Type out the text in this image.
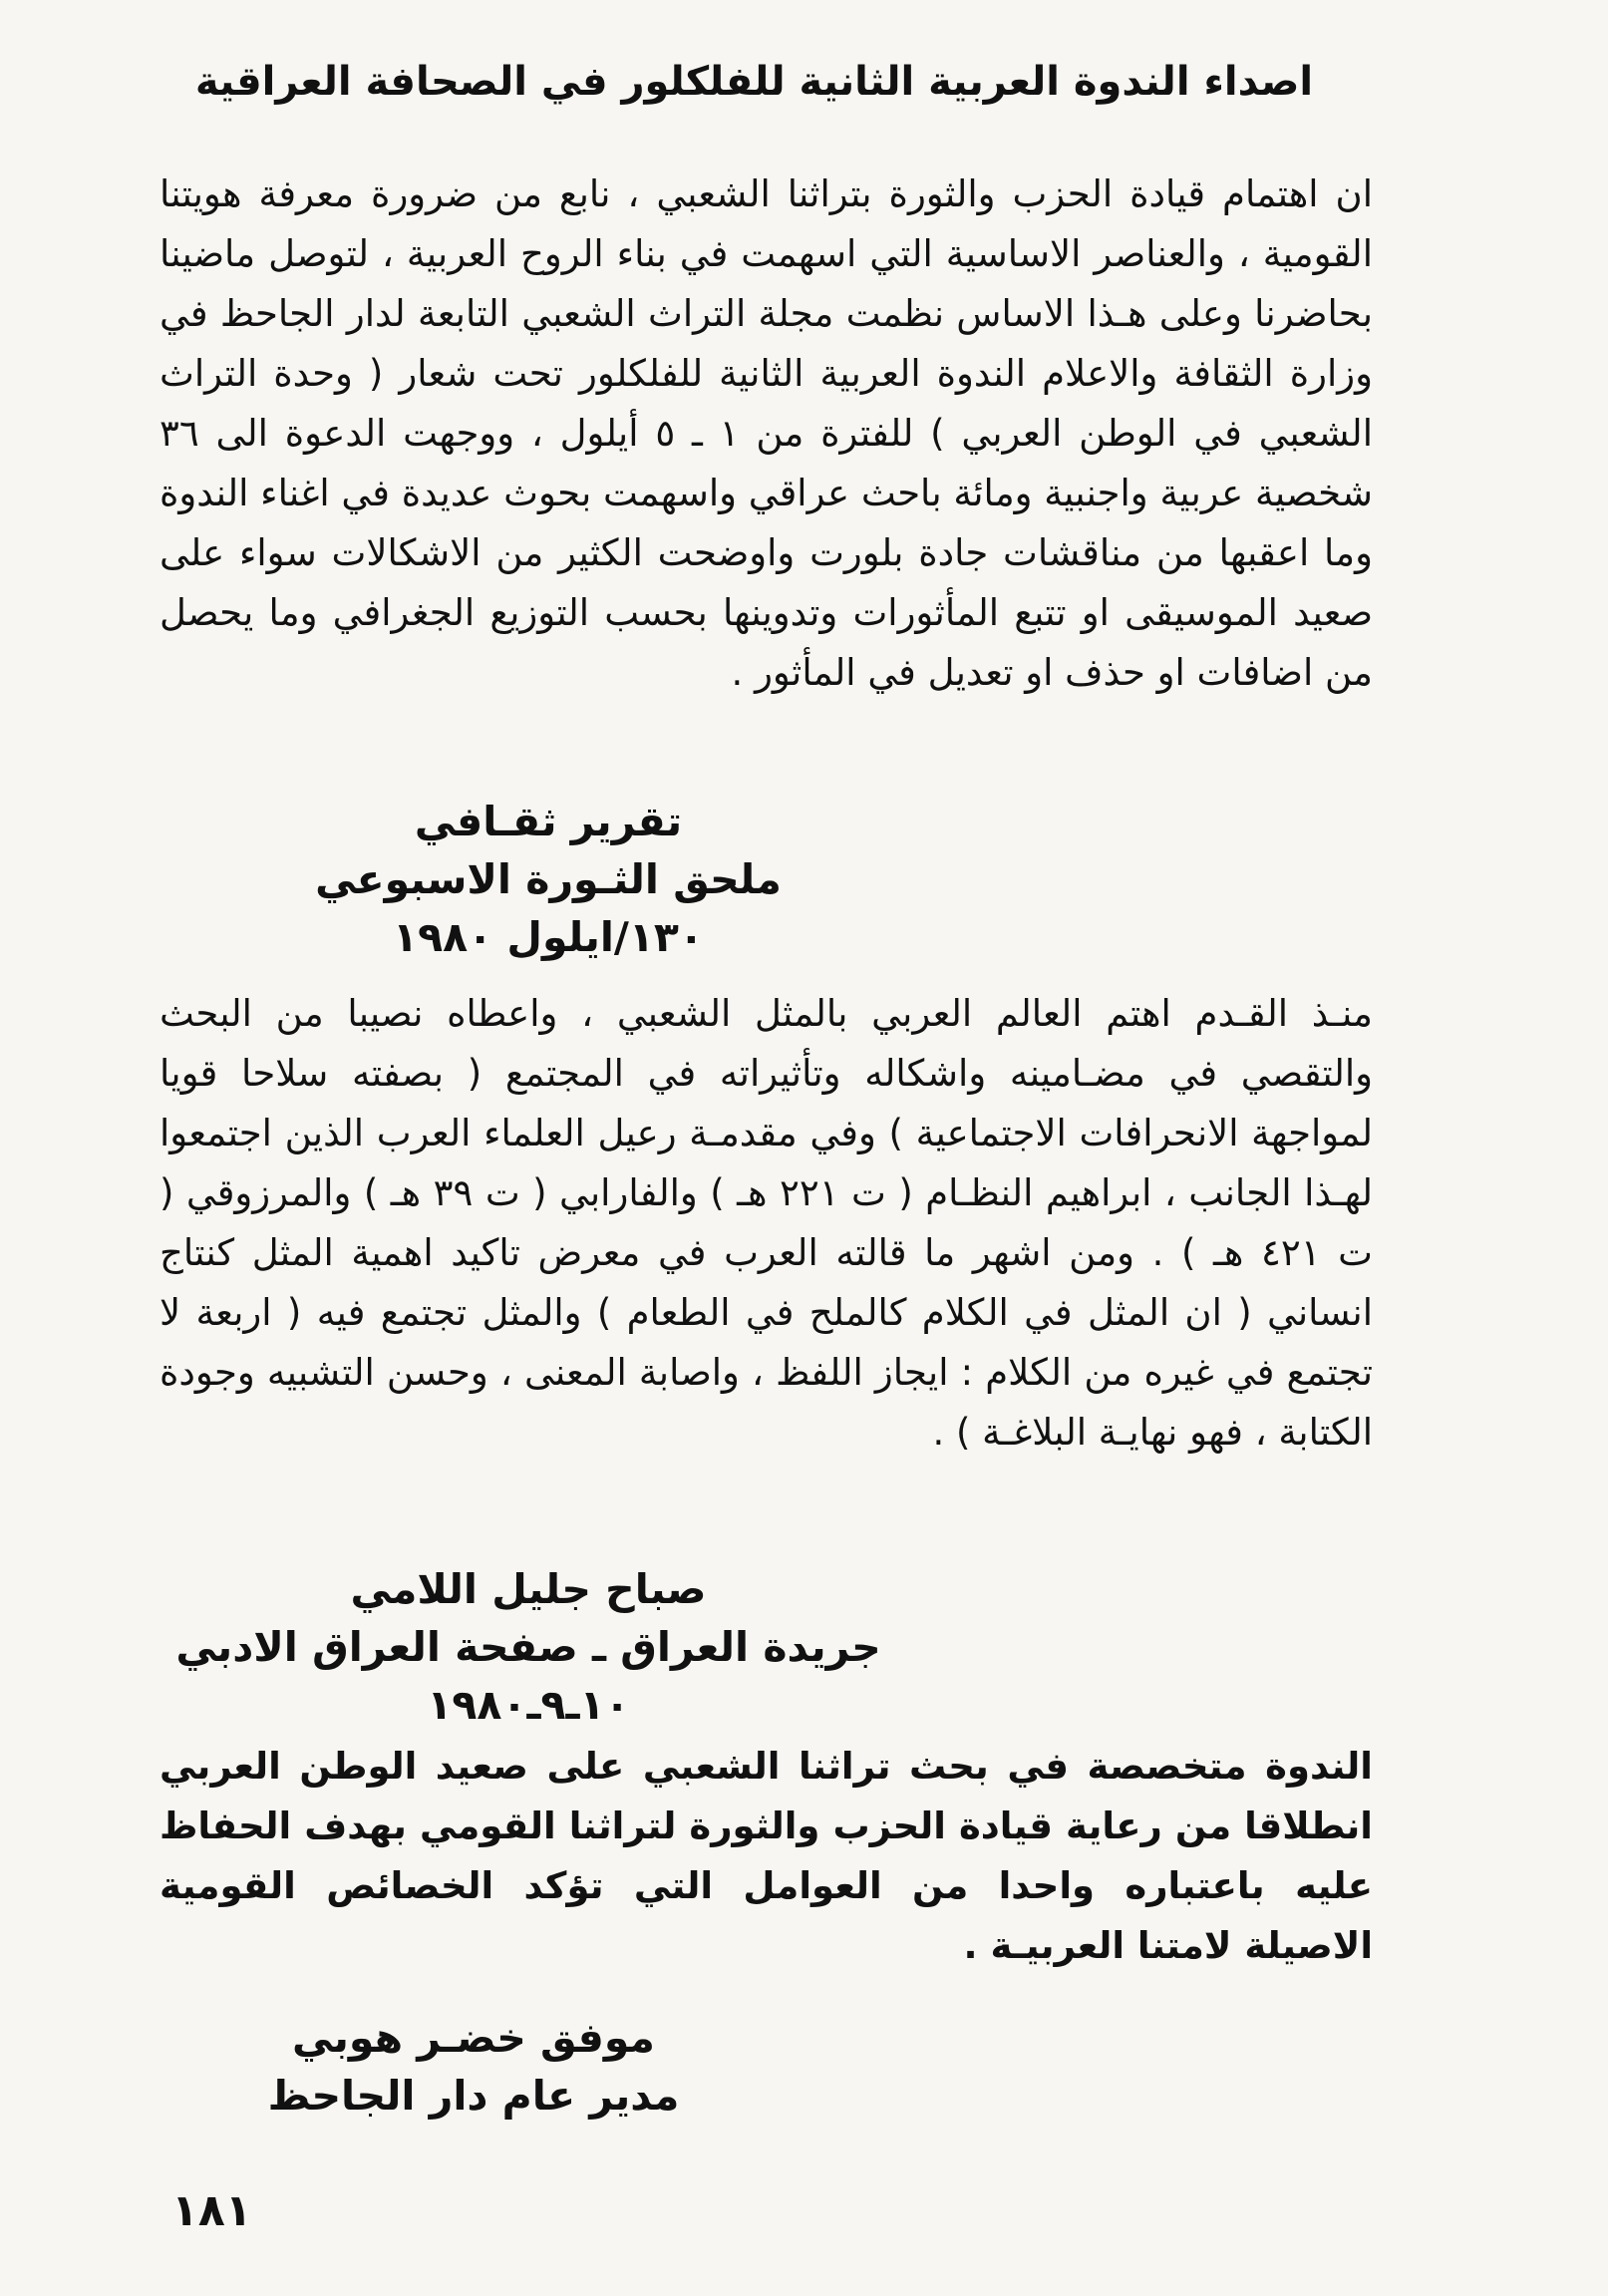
اصداء الندوة العربية الثانية للفلكلور في الصحافة العراقية

ان اهتمام قيادة الحزب والثورة بتراثنا الشعبي ، نابع من ضرورة معرفة هويتنا القومية ، والعناصر الاساسية التي اسهمت في بناء الروح العربية ، لتوصل ماضينا بحاضرنا وعلى هـذا الاساس نظمت مجلة التراث الشعبي التابعة لدار الجاحظ في وزارة الثقافة والاعلام الندوة العربية الثانية للفلكلور تحت شعار ( وحدة التراث الشعبي في الوطن العربي ) للفترة من ١ ـ ٥ أيلول ، ووجهت الدعوة الى ٣٦ شخصية عربية واجنبية ومائة باحث عراقي واسهمت بحوث عديدة في اغناء الندوة وما اعقبها من مناقشات جادة بلورت واوضحت الكثير من الاشكالات سواء على صعيد الموسيقى او تتبع المأثورات وتدوينها بحسب التوزيع الجغرافي وما يحصل من اضافات او حذف او تعديل في المأثور .

تقرير ثقـافي
ملحق الثـورة الاسبوعي
١٣٠/ايلول ١٩٨٠

منـذ القـدم اهتم العالم العربي بالمثل الشعبي ، واعطاه نصيبا من البحث والتقصي في مضـامينه واشكاله وتأثيراته في المجتمع ( بصفته سلاحا قويا لمواجهة الانحرافات الاجتماعية ) وفي مقدمـة رعيل العلماء العرب الذين اجتمعوا لهـذا الجانب ، ابراهيم النظـام ( ت ٢٢١ هـ ) والفارابي ( ت ٣٩ هـ ) والمرزوقي ( ت ٤٢١ هـ ) . ومن اشهر ما قالته العرب في معرض تاكيد اهمية المثل كنتاج انساني ( ان المثل في الكلام كالملح في الطعام ) والمثل تجتمع فيه ( اربعة لا تجتمع في غيره من الكلام : ايجاز اللفظ ، واصابة المعنى ، وحسن التشبيه وجودة الكتابة ، فهو نهايـة البلاغـة ) .

صباح جليل اللامي
جريدة العراق ـ صفحة العراق الادبي
١٠ـ٩ـ١٩٨٠

الندوة متخصصة في بحث تراثنا الشعبي على صعيد الوطن العربي انطلاقا من رعاية قيادة الحزب والثورة لتراثنا القومي بهدف الحفاظ عليه باعتباره واحدا من العوامل التي تؤكد الخصائص القومية الاصيلة لامتنا العربيـة .

موفق خضـر هوبي
مدير عام دار الجاحظ
١٨١
